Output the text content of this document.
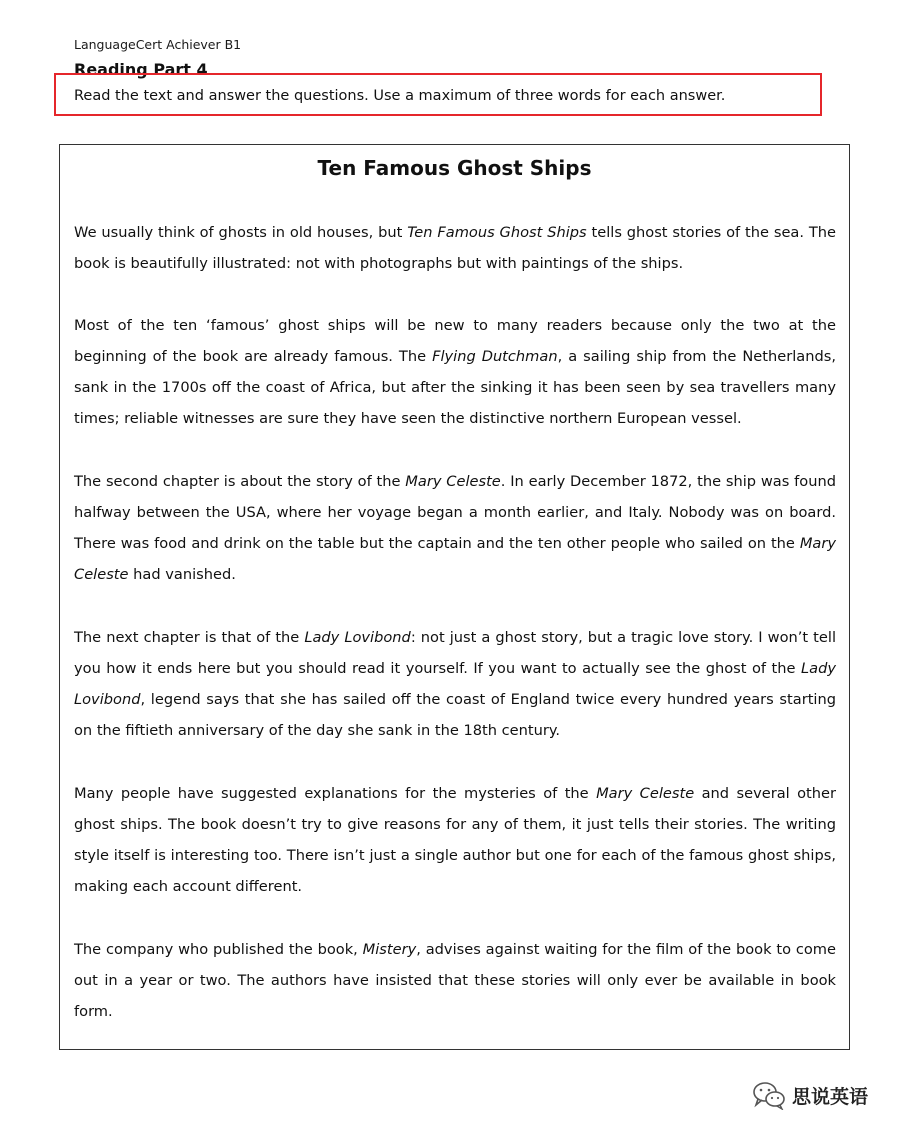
LanguageCert Achiever B1
Reading Part 4
Read the text and answer the questions. Use a maximum of three words for each answer.
Ten Famous Ghost Ships

We usually think of ghosts in old houses, but Ten Famous Ghost Ships tells ghost stories of the sea. The book is beautifully illustrated: not with photographs but with paintings of the ships.

Most of the ten ‘famous’ ghost ships will be new to many readers because only the two at the beginning of the book are already famous. The Flying Dutchman, a sailing ship from the Netherlands, sank in the 1700s off the coast of Africa, but after the sinking it has been seen by sea travellers many times; reliable witnesses are sure they have seen the distinctive northern European vessel.

The second chapter is about the story of the Mary Celeste. In early December 1872, the ship was found halfway between the USA, where her voyage began a month earlier, and Italy. Nobody was on board. There was food and drink on the table but the captain and the ten other people who sailed on the Mary Celeste had vanished.

The next chapter is that of the Lady Lovibond: not just a ghost story, but a tragic love story. I won’t tell you how it ends here but you should read it yourself. If you want to actually see the ghost of the Lady Lovibond, legend says that she has sailed off the coast of England twice every hundred years starting on the fiftieth anniversary of the day she sank in the 18th century.

Many people have suggested explanations for the mysteries of the Mary Celeste and several other ghost ships. The book doesn’t try to give reasons for any of them, it just tells their stories. The writing style itself is interesting too. There isn’t just a single author but one for each of the famous ghost ships, making each account different.

The company who published the book, Mistery, advises against waiting for the film of the book to come out in a year or two. The authors have insisted that these stories will only ever be available in book form.

思说英语
